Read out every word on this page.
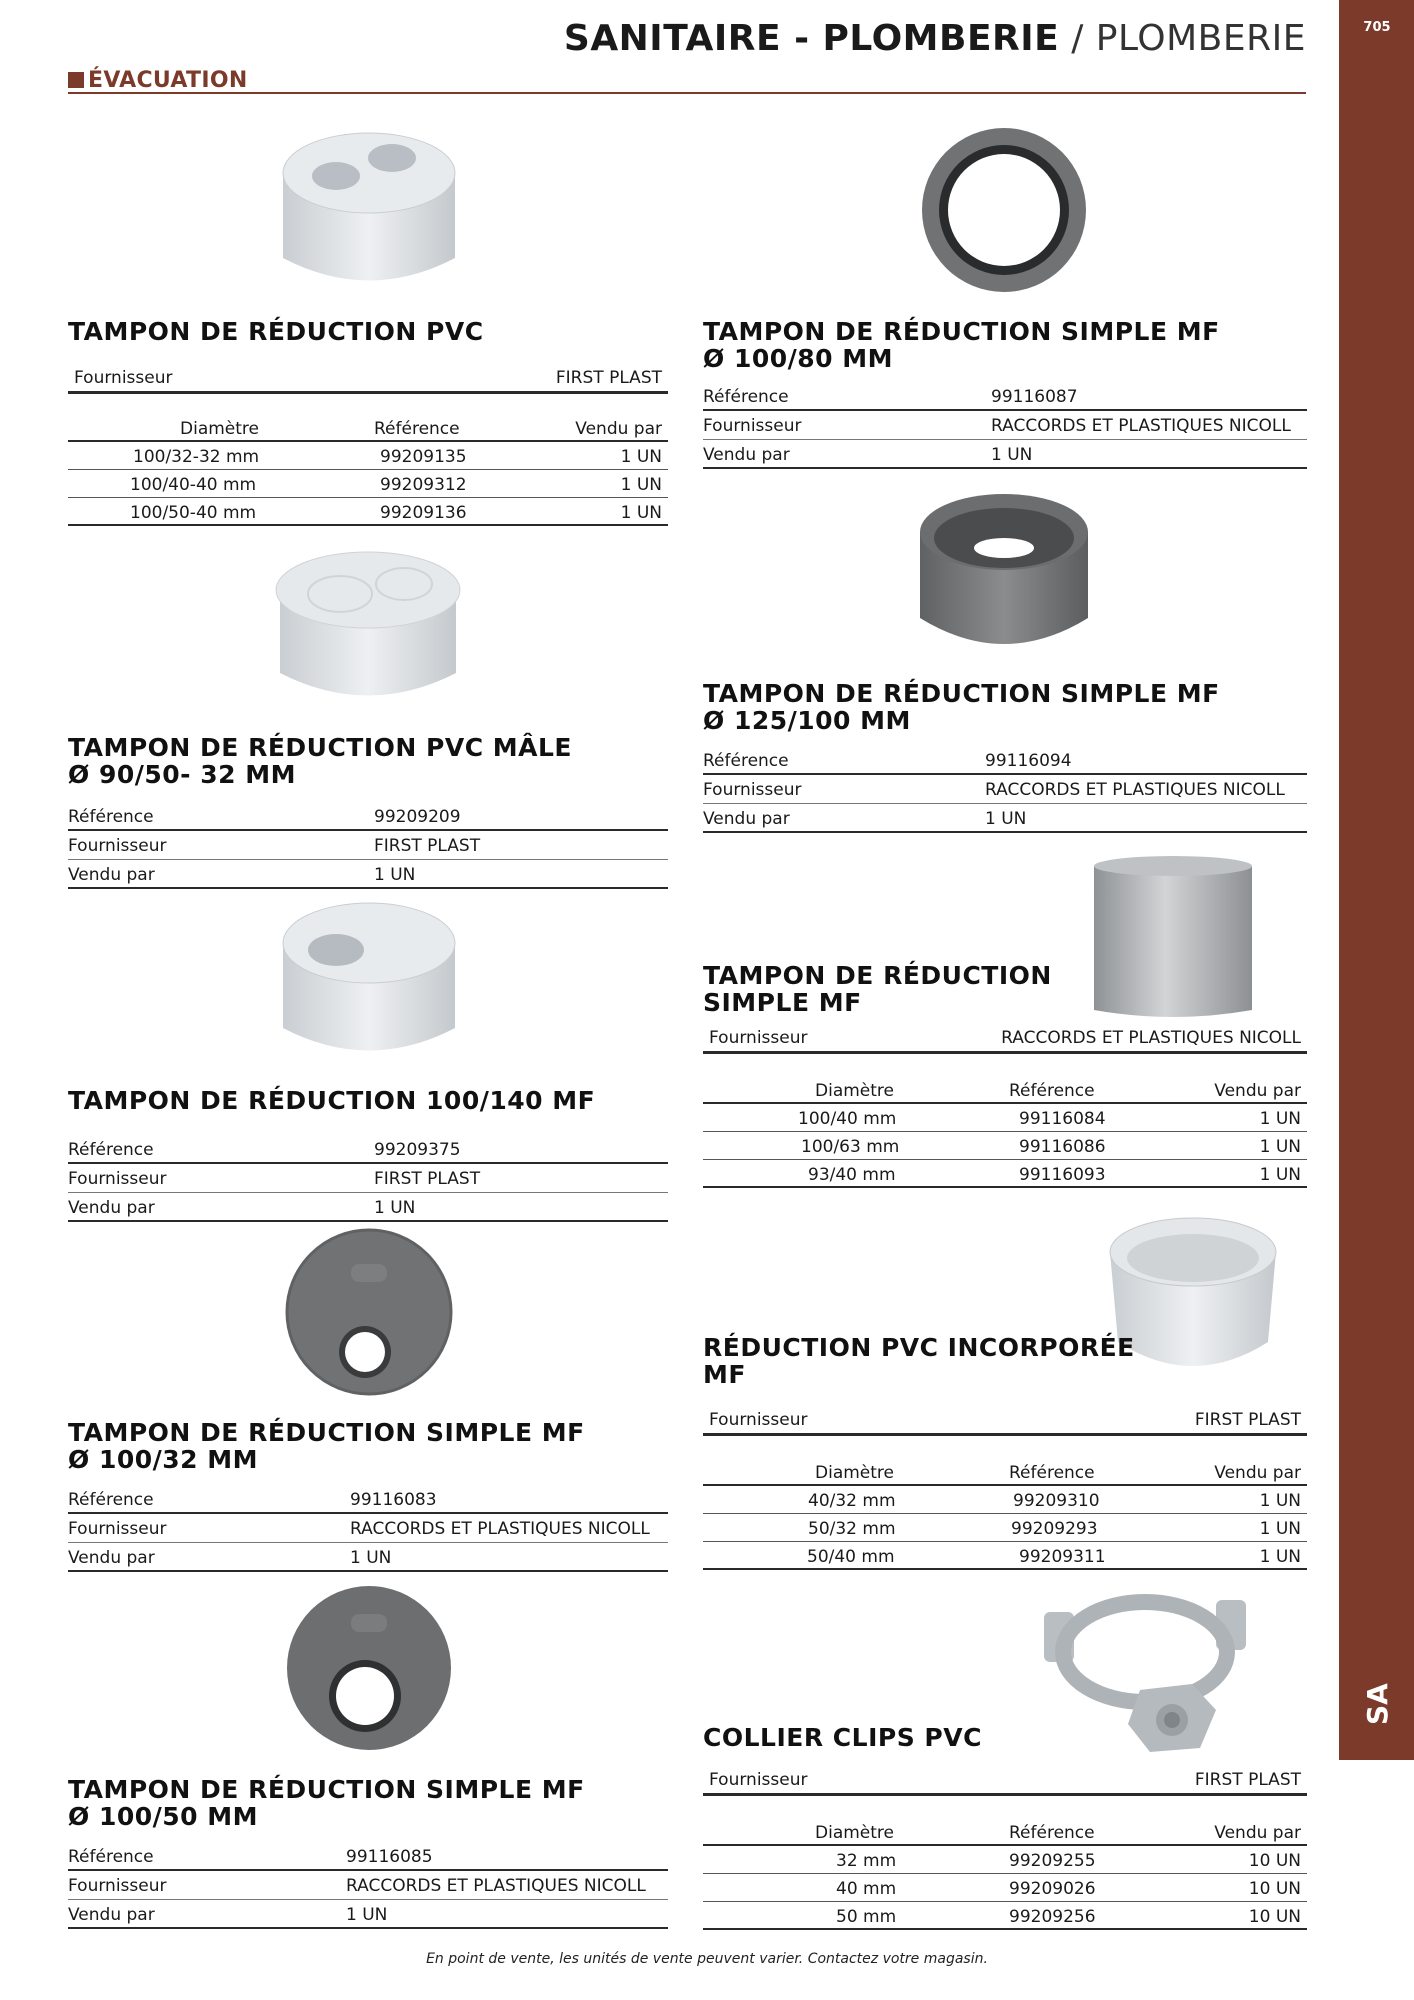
705
SA
SANITAIRE - PLOMBERIE / PLOMBERIE
ÉVACUATION
TAMPON DE RÉDUCTION PVC
Fournisseur	FIRST PLAST
Diamètre	Référence	Vendu par
100/32-32 mm	99209135	1 UN
100/40-40 mm	99209312	1 UN
100/50-40 mm	99209136	1 UN
TAMPON DE RÉDUCTION PVC MÂLE
Ø 90/50- 32 MM
Référence	99209209
Fournisseur	FIRST PLAST
Vendu par	1 UN
TAMPON DE RÉDUCTION 100/140 MF
Référence	99209375
Fournisseur	FIRST PLAST
Vendu par	1 UN
TAMPON DE RÉDUCTION SIMPLE MF
Ø 100/32 MM
Référence	99116083
Fournisseur	RACCORDS ET PLASTIQUES NICOLL
Vendu par	1 UN
TAMPON DE RÉDUCTION SIMPLE MF
Ø 100/50 MM
Référence	99116085
Fournisseur	RACCORDS ET PLASTIQUES NICOLL
Vendu par	1 UN
TAMPON DE RÉDUCTION SIMPLE MF
Ø 100/80 MM
Référence	99116087
Fournisseur	RACCORDS ET PLASTIQUES NICOLL
Vendu par	1 UN
TAMPON DE RÉDUCTION SIMPLE MF
Ø 125/100 MM
Référence	99116094
Fournisseur	RACCORDS ET PLASTIQUES NICOLL
Vendu par	1 UN
TAMPON DE RÉDUCTION
SIMPLE MF
Fournisseur	RACCORDS ET PLASTIQUES NICOLL
Diamètre	Référence	Vendu par
100/40 mm	99116084	1 UN
100/63 mm	99116086	1 UN
93/40 mm	99116093	1 UN
RÉDUCTION PVC INCORPORÉE
MF
Fournisseur	FIRST PLAST
Diamètre	Référence	Vendu par
40/32 mm	99209310	1 UN
50/32 mm	99209293	1 UN
50/40 mm	99209311	1 UN
COLLIER CLIPS PVC
Fournisseur	FIRST PLAST
Diamètre	Référence	Vendu par
32 mm	99209255	10 UN
40 mm	99209026	10 UN
50 mm	99209256	10 UN
En point de vente, les unités de vente peuvent varier. Contactez votre magasin.
